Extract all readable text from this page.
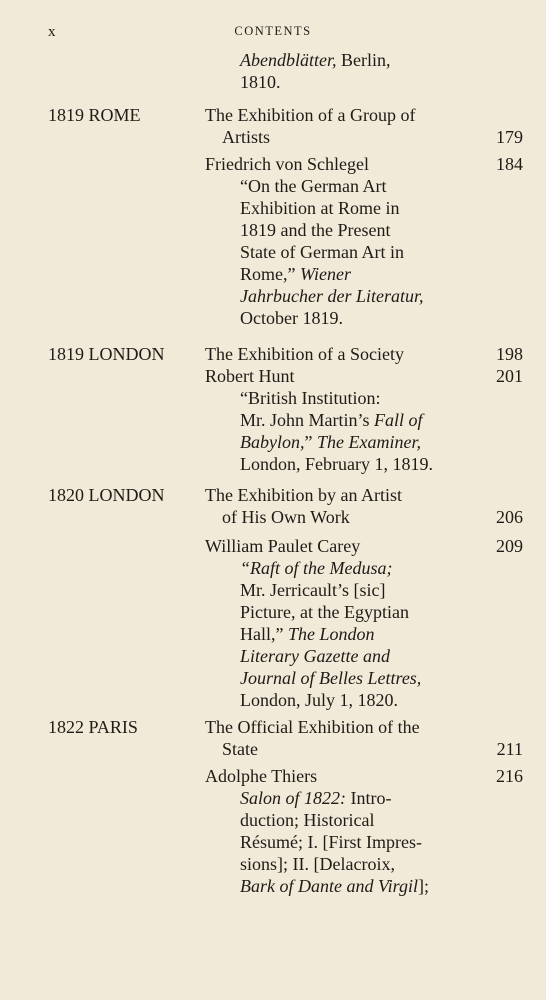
x	CONTENTS
Abendblätter, Berlin,
1810.
1819 ROME	The Exhibition of a Group of
Artists	179
Friedrich von Schlegel	184
“On the German Art
Exhibition at Rome in
1819 and the Present
State of German Art in
Rome,” Wiener
Jahrbucher der Literatur,
October 1819.
1819 LONDON The Exhibition of a Society	198
Robert Hunt	201
“British Institution:
Mr. John Martin’s Fall of
Babylon,” The Examiner,
London, February 1, 1819.
1820 LONDON The Exhibition by an Artist
of His Own Work	206
William Paulet Carey	209
“Raft of the Medusa;
Mr. Jerricault’s [sic]
Picture, at the Egyptian
Hall,” The London
Literary Gazette and
Journal of Belles Lettres,
London, July 1, 1820.
1822 PARIS	The Official Exhibition of the
State	211
Adolphe Thiers	216
Salon of 1822: Intro-
duction; Historical
Résumé; I. [First Impres-
sions]; II. [Delacroix,
Bark of Dante and Virgil];
